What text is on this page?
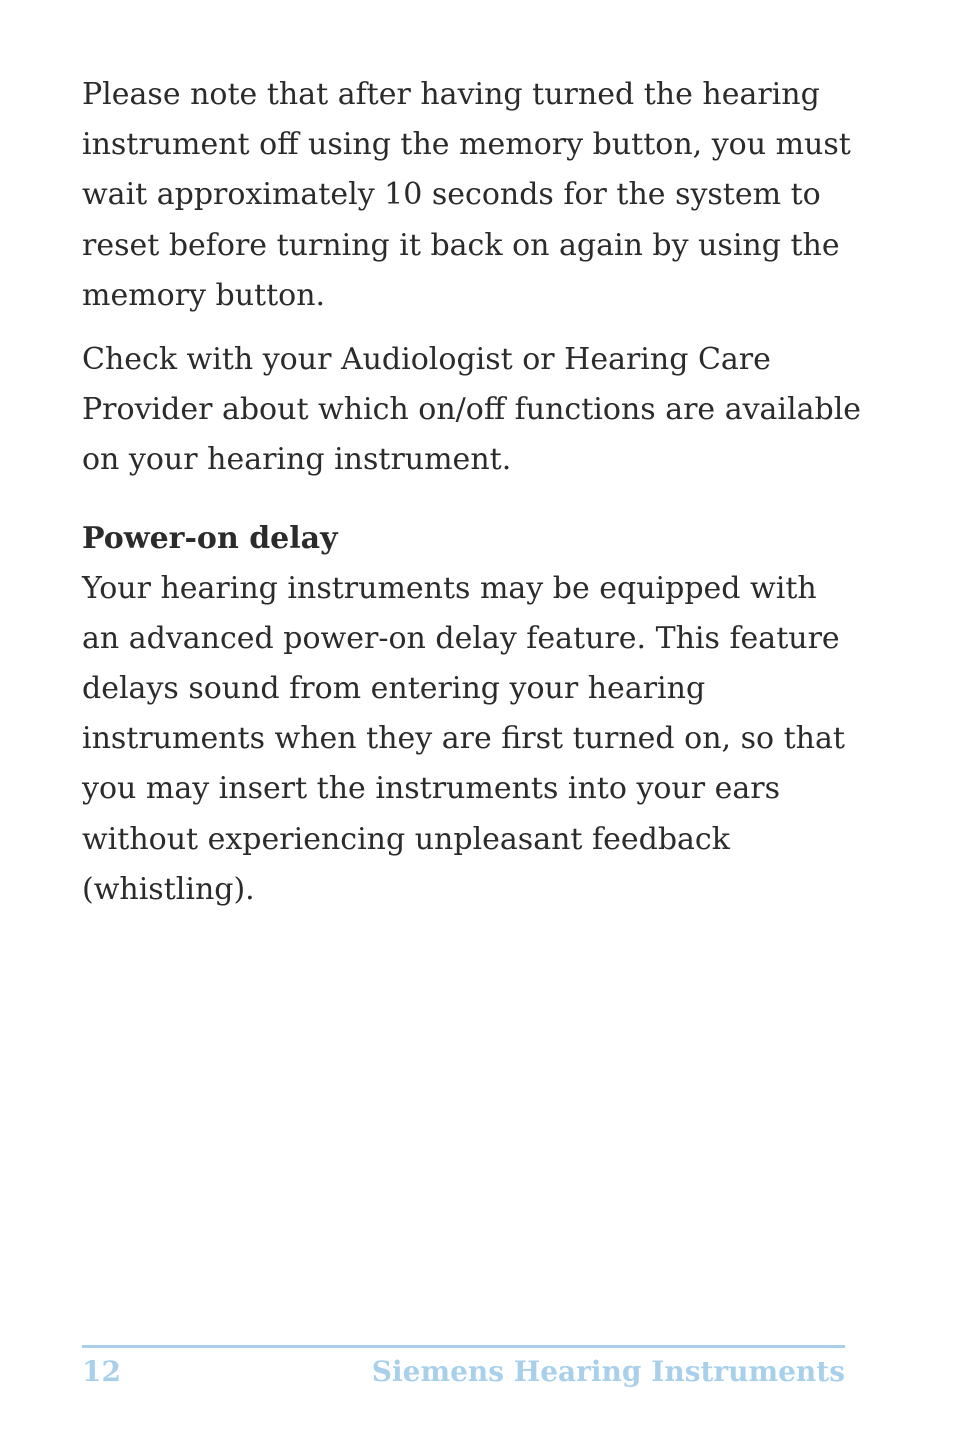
Please note that after having turned the hearing instrument off using the memory button, you must wait approximately 10 seconds for the system to reset before turning it back on again by using the memory button.

Check with your Audiologist or Hearing Care Provider about which on/off functions are available on your hearing instrument.

Power-on delay

Your hearing instruments may be equipped with an advanced power-on delay feature. This feature delays sound from entering your hearing instruments when they are first turned on, so that you may insert the instruments into your ears without experiencing unpleasant feedback (whistling).

12	Siemens Hearing Instruments
